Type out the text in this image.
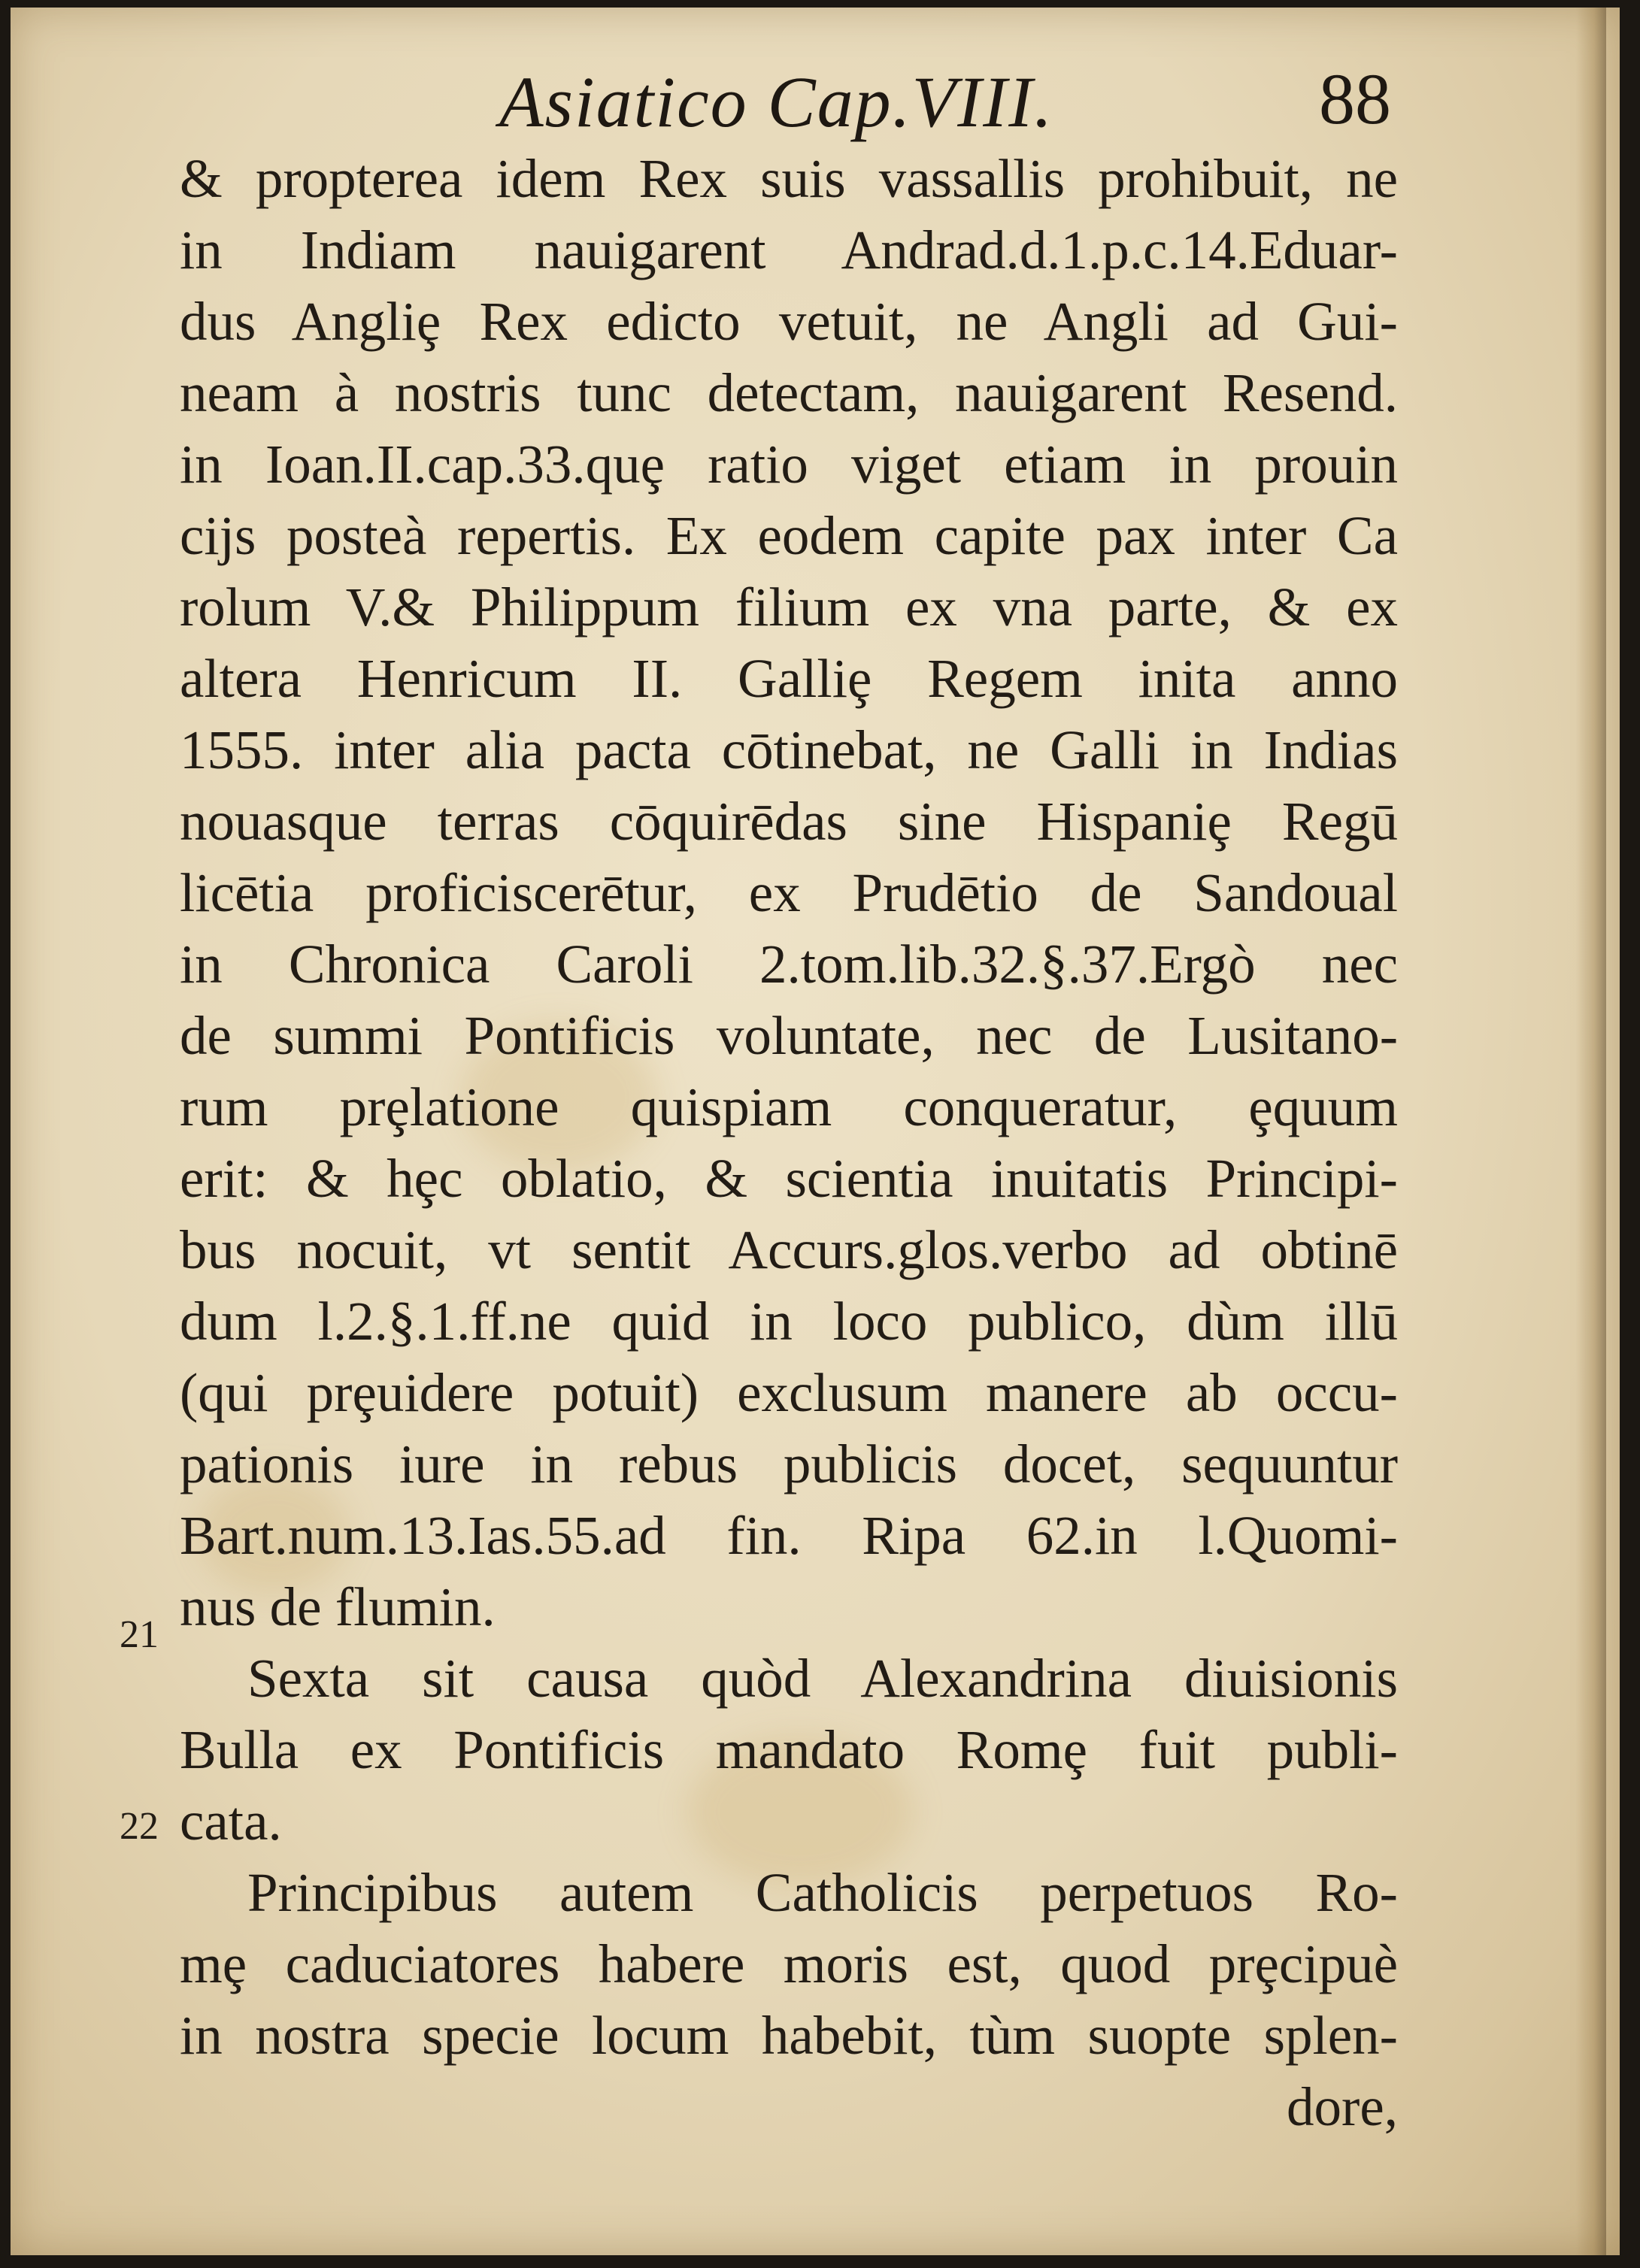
Asiatico Cap.VIII.	88
& propterea idem Rex suis vassallis prohibuit, ne
in Indiam nauigarent Andrad.d.1.p.c.14.Eduar-
dus Angliȩ Rex edicto vetuit, ne Angli ad Gui-
neam à nostris tunc detectam, nauigarent Resend.
in Ioan.II.cap.33.quȩ ratio viget etiam in prouin
cijs posteà repertis. Ex eodem capite pax inter Ca
rolum V.& Philippum filium ex vna parte, & ex
altera Henricum II. Galliȩ Regem inita anno
1555. inter alia pacta cōtinebat, ne Galli in Indias
nouasque terras cōquirēdas sine Hispaniȩ Regū
licētia proficiscerētur, ex Prudētio de Sandoual
in Chronica Caroli 2.tom.lib.32.§.37.Ergò nec
de summi Pontificis voluntate, nec de Lusitano-
rum prȩlatione quispiam conqueratur, ȩquum
erit: & hȩc oblatio, & scientia inuitatis Principi-
bus nocuit, vt sentit Accurs.glos.verbo ad obtinē
dum l.2.§.1.ff.ne quid in loco publico, dùm illū
(qui prȩuidere potuit) exclusum manere ab occu-
pationis iure in rebus publicis docet, sequuntur
Bart.num.13.Ias.55.ad fin. Ripa 62.in l.Quomi-
nus de flumin.
Sexta sit causa quòd Alexandrina diuisionis
Bulla ex Pontificis mandato Romȩ fuit publi-
cata.
Principibus autem Catholicis perpetuos Ro-
mȩ caduciatores habere moris est, quod prȩcipuè
in nostra specie locum habebit, tùm suopte splen-
dore,
21
22
